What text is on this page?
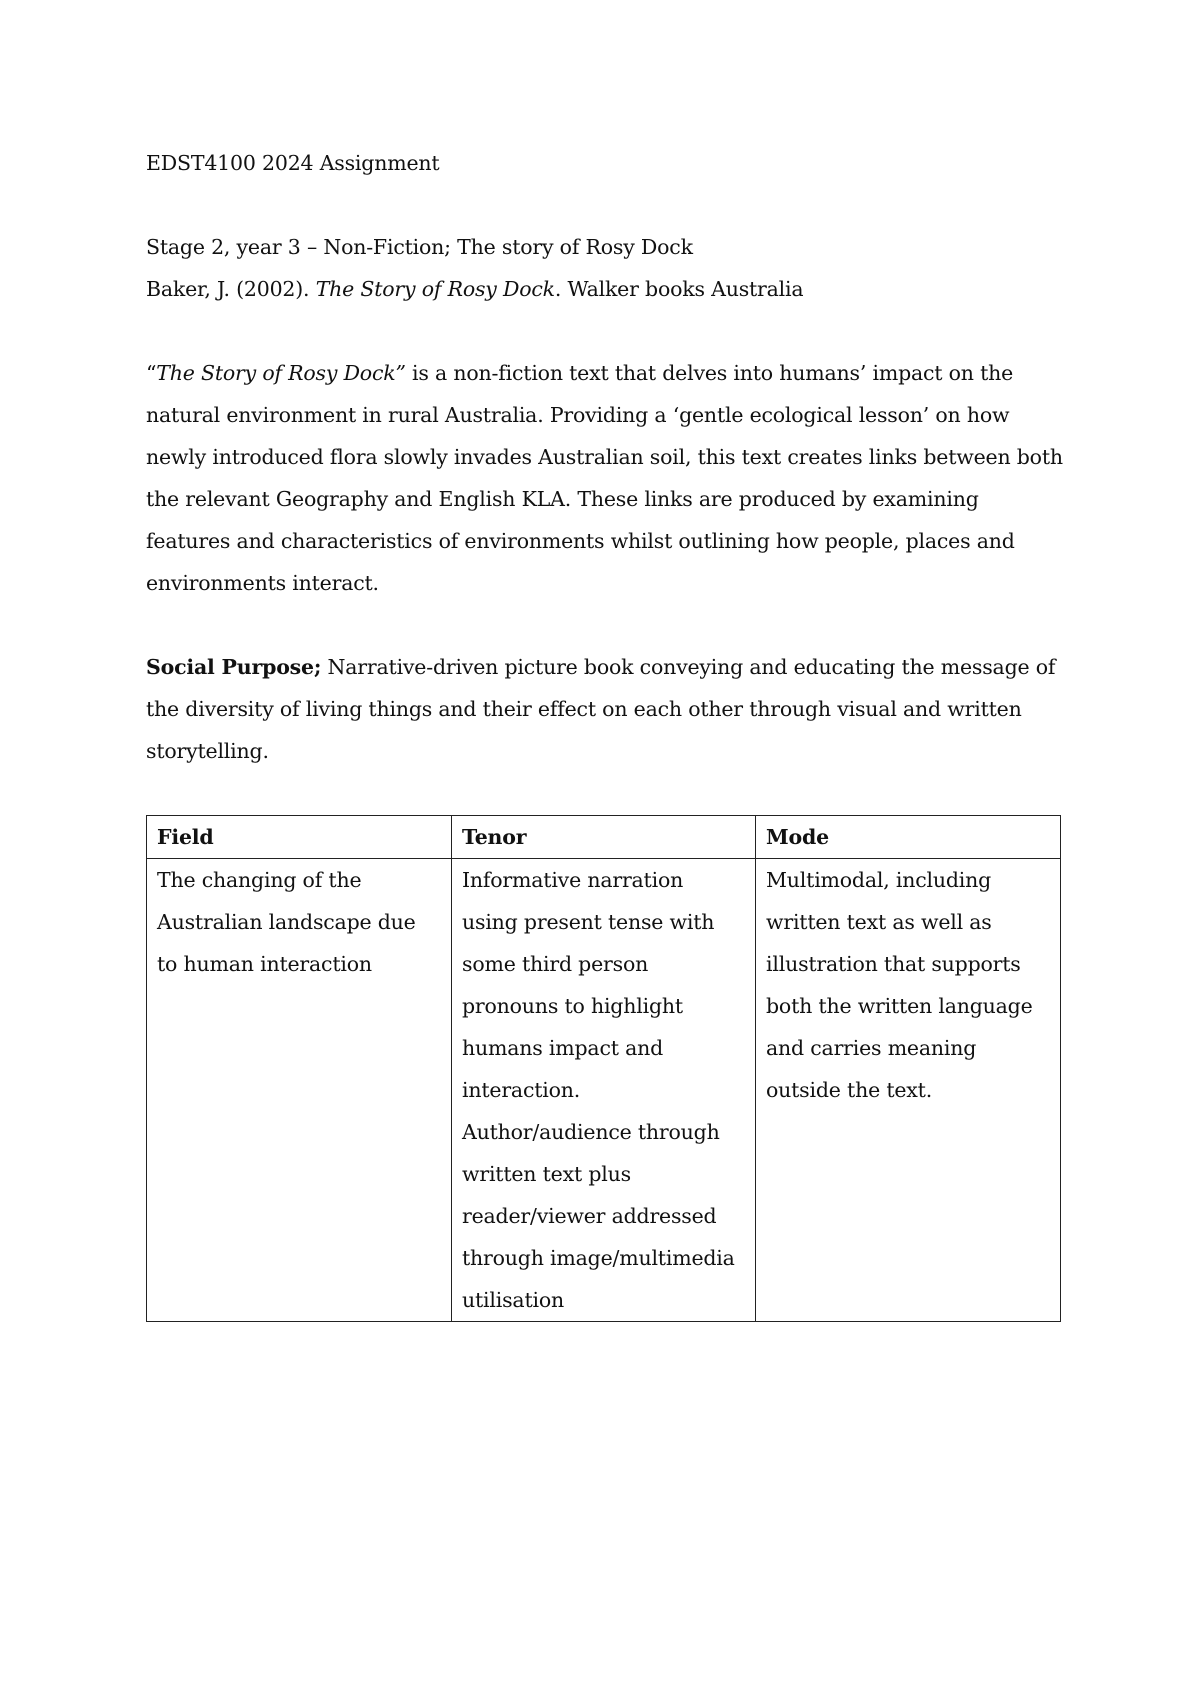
EDST4100 2024 Assignment

Stage 2, year 3 – Non-Fiction; The story of Rosy Dock

Baker, J. (2002). The Story of Rosy Dock. Walker books Australia

“The Story of Rosy Dock” is a non-fiction text that delves into humans’ impact on the natural environment in rural Australia. Providing a ‘gentle ecological lesson’ on how newly introduced flora slowly invades Australian soil, this text creates links between both the relevant Geography and English KLA. These links are produced by examining features and characteristics of environments whilst outlining how people, places and environments interact.

Social Purpose; Narrative-driven picture book conveying and educating the message of the diversity of living things and their effect on each other through visual and written storytelling.

Field	Tenor	Mode
The changing of the Australian landscape due to human interaction	Informative narration using present tense with some third person pronouns to highlight humans impact and interaction. Author/audience through written text plus reader/viewer addressed through image/multimedia utilisation	Multimodal, including written text as well as illustration that supports both the written language and carries meaning outside the text.
